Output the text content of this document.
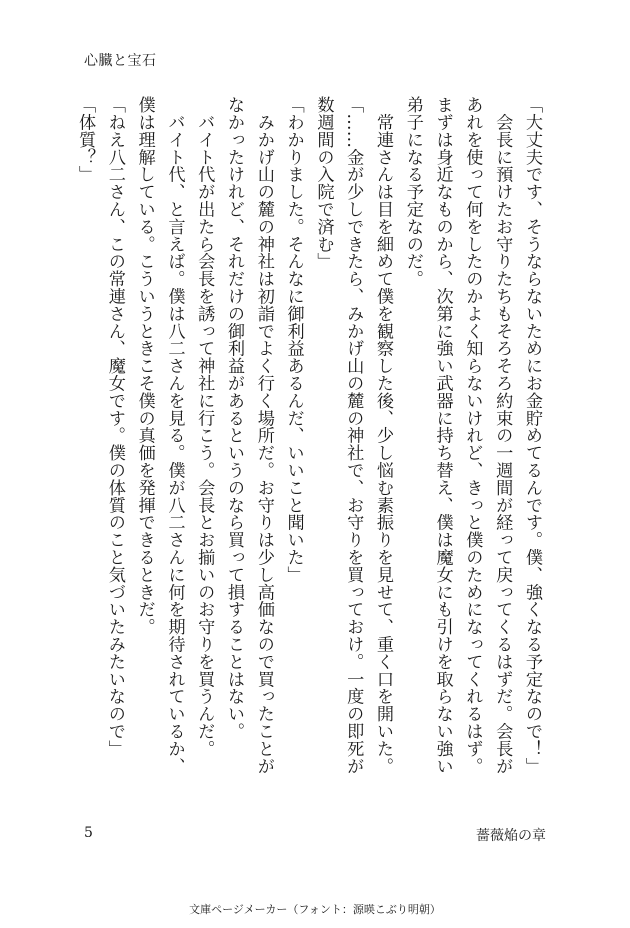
心臓と宝石
「大丈夫です、そうならないためにお金貯めてるんです。僕、強くなる予定なので！」
　会長に預けたお守りたちもそろそろ約束の一週間が経って戻ってくるはずだ。会長が
あれを使って何をしたのかよく知らないけれど、きっと僕のためになってくれるはず。
まずは身近なものから、次第に強い武器に持ち替え、僕は魔女にも引けを取らない強い
弟子になる予定なのだ。
　常連さんは目を細めて僕を観察した後、少し悩む素振りを見せて、重く口を開いた。
「……金が少しできたら、みかげ山の麓の神社で、お守りを買っておけ。一度の即死が
数週間の入院で済む」
「わかりました。そんなに御利益あるんだ、いいこと聞いた」
　みかげ山の麓の神社は初詣でよく行く場所だ。お守りは少し高価なので買ったことが
なかったけれど、それだけの御利益があるというのなら買って損することはない。
　バイト代が出たら会長を誘って神社に行こう。会長とお揃いのお守りを買うんだ。
　バイト代、と言えば。僕は八二さんを見る。僕が八二さんに何を期待されているか、
僕は理解している。こういうときこそ僕の真価を発揮できるときだ。
「ねえ八二さん、この常連さん、魔女です。僕の体質のこと気づいたみたいなので」
「体質？」
5	薔薇焔の章
文庫ページメーカー（フォント：源暎こぶり明朝）
